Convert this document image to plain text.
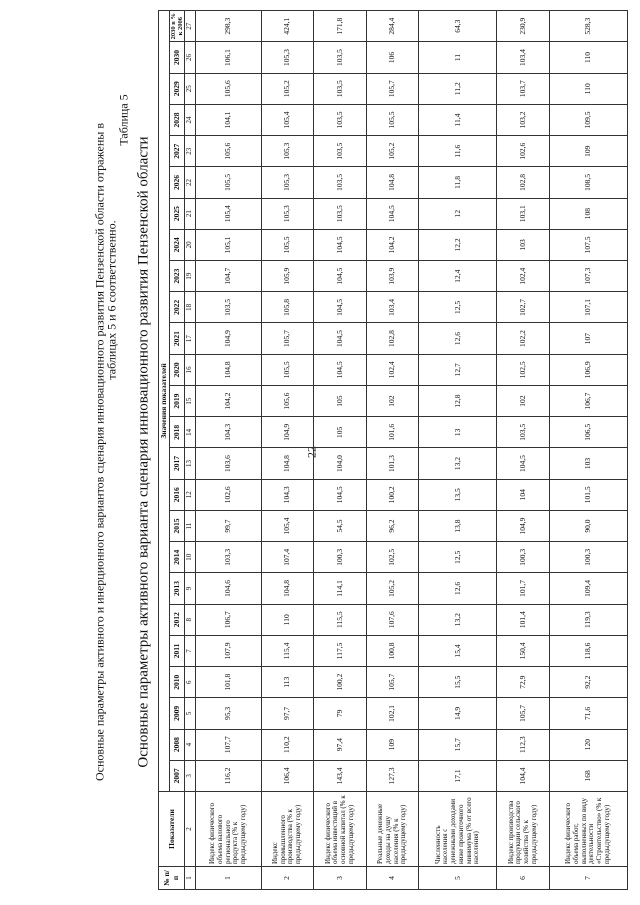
22
Основные параметры активного и инерционного вариантов сценария инновационного развития Пензенской области отражены в
таблицах 5 и 6 соответственно.
Таблица 5
Основные параметры активного варианта сценария инновационного развития Пензенской области
№ п/п	Показатели	Значения показателей																								
		2007	2008	2009	2010	2011	2012	2013	2014	2015	2016	2017	2018	2019	2020	2021	2022	2023	2024	2025	2026	2027	2028	2029	2030	2030 в % к 2006
1	2	3	4	5	6	7	8	9	10	11	12	13	14	15	16	17	18	19	20	21	22	23	24	25	26	27
1	Индекс физического объема валового регионального продукта (% к предыдущему году)	116,2	107,7	95,3	101,8	107,9	106,7	104,6	103,3	99,7	102,6	103,6	104,3	104,2	104,8	104,9	103,5	104,7	105,1	105,4	105,5	105,6	104,1	105,6	106,1	298,3
2	Индекс промышленного производства (% к предыдущему году)	106,4	110,2	97,7	113	115,4	110	104,8	107,4	105,4	104,3	104,8	104,9	105,6	105,5	105,7	105,8	105,9	105,5	105,3	105,3	105,3	105,4	105,2	105,3	424,1
3	Индекс физического объема инвестиций в основной капитал (% к предыдущему году)	143,4	97,4	79	100,2	117,5	115,5	114,1	100,3	54,5	104,5	104,0	105	105	104,5	104,5	104,5	104,5	104,5	103,5	103,5	103,5	103,5	103,5	103,5	171,8
4	Реальные денежные доходы на душу населения (% к предыдущему году)	127,3	109	102,1	105,7	100,8	107,6	105,2	102,5	96,2	100,2	101,3	101,6	102	102,4	102,8	103,4	103,9	104,2	104,5	104,8	105,2	105,5	105,7	106	284,4
5	Численность населения с денежными доходами ниже прожиточного минимума (% от всего населения)	17,1	15,7	14,9	15,5	15,4	13,2	12,6	12,5	13,8	13,5	13,2	13	12,8	12,7	12,6	12,5	12,4	12,2	12	11,8	11,6	11,4	11,2	11	64,3
6	Индекс производства продукции сельского хозяйства (% к предыдущему году)	104,4	112,3	105,7	72,9	150,4	101,4	101,7	100,3	104,9	104	104,5	103,5	102	102,5	102,2	102,7	102,4	103	103,1	102,8	102,6	103,2	103,7	103,4	230,9
7	Индекс физического объема работ, выполненных по виду деятельности «Строительство» (% к предыдущему году)	168	120	71,6	92,2	118,6	119,3	109,4	100,3	90,0	101,5	103	106,5	106,7	106,9	107	107,1	107,3	107,5	108	108,5	109	109,5	110	110	528,3
